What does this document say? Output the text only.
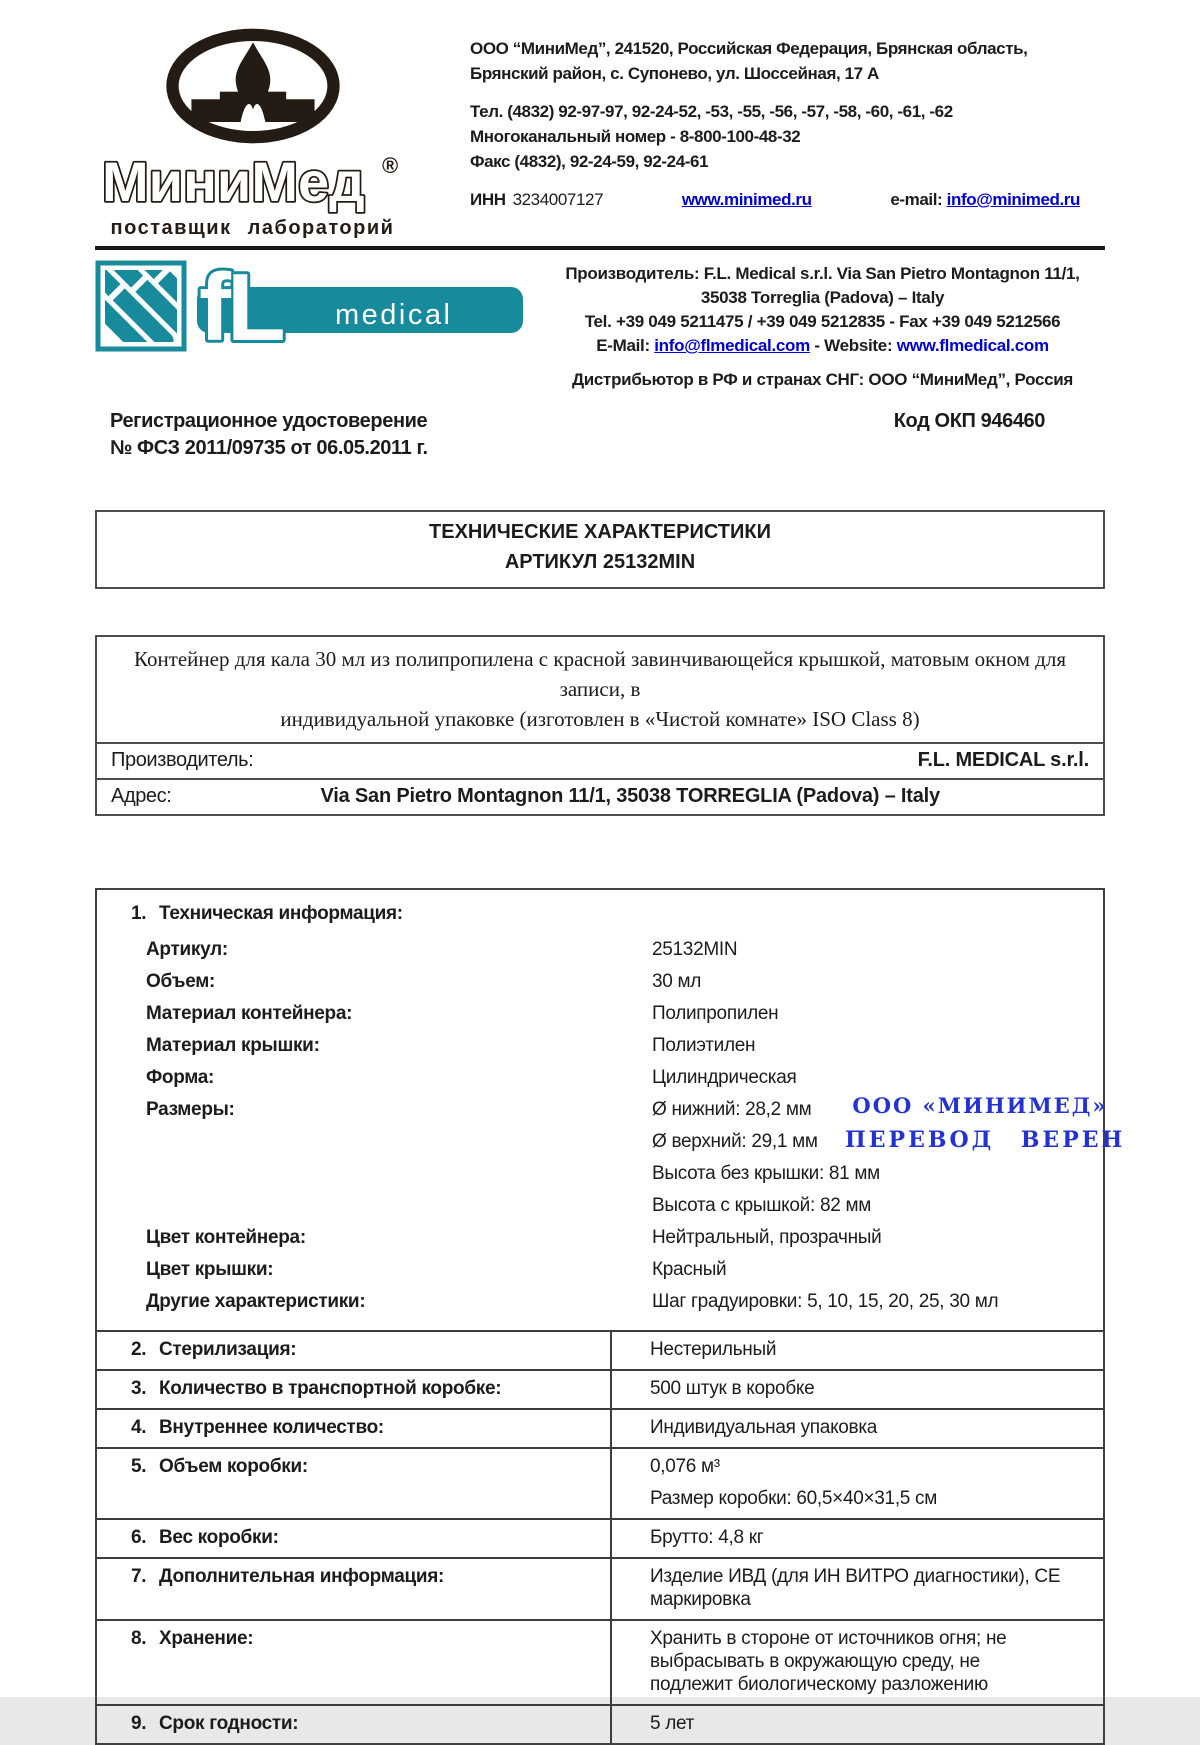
МиниМед ®
поставщик лабораторий
ООО “МиниМед”, 241520, Российская Федерация, Брянская область,
Брянский район, с. Супонево, ул. Шоссейная, 17 А
Тел. (4832) 92-97-97, 92-24-52, -53, -55, -56, -57, -58, -60, -61, -62
Многоканальный номер - 8-800-100-48-32
Факс (4832), 92-24-59, 92-24-61
ИНН 3234007127	www.minimed.ru	e-mail:
info@minimed.ru
fL medical
Производитель: F.L. Medical s.r.l. Via San Pietro Montagnon 11/1,
35038 Torreglia (Padova) – Italy
Tel. +39 049 5211475 / +39 049 5212835 - Fax +39 049 5212566
E-Mail: info@flmedical.com - Website: www.flmedical.com
Дистрибьютор в РФ и странах СНГ: ООО “МиниМед”, Россия
Регистрационное удостоверение
№ ФСЗ 2011/09735 от 06.05.2011 г.
Код ОКП 946460
ТЕХНИЧЕСКИЕ ХАРАКТЕРИСТИКИ
АРТИКУЛ 25132MIN
Контейнер для кала 30 мл из полипропилена с красной завинчивающейся крышкой, матовым окном для записи, в
индивидуальной упаковке (изготовлен в «Чистой комнате» ISO Class 8)
Производитель:	F.L. MEDICAL s.r.l.
Адрес:	Via San Pietro Montagnon 11/1, 35038 TORREGLIA (Padova) – Italy
1. Техническая информация:
Артикул:	25132MIN
Объем:	30 мл
Материал контейнера:	Полипропилен
Материал крышки:	Полиэтилен
Форма:	Цилиндрическая
Размеры:	Ø нижний: 28,2 мм
Ø верхний: 29,1 мм
Высота без крышки: 81 мм
Высота с крышкой: 82 мм
Цвет контейнера:	Нейтральный, прозрачный
Цвет крышки:	Красный
Другие характеристики:	Шаг градуировки: 5, 10, 15, 20, 25, 30 мл
2. Стерилизация:	Нестерильный
3. Количество в транспортной коробке:	500 штук в коробке
4. Внутреннее количество:	Индивидуальная упаковка
5. Объем коробки:	0,076 м³
Размер коробки: 60,5×40×31,5 см
6. Вес коробки:	Брутто: 4,8 кг
7. Дополнительная информация:	Изделие ИВД (для ИН ВИТРО диагностики), СЕ
маркировка
8. Хранение:	Хранить в стороне от источников огня; не
выбрасывать в окружающую среду, не
подлежит биологическому разложению
9. Срок годности:	5 лет
ООО «МИНИМЕД»
ПЕРЕВОД ВЕРЕН
